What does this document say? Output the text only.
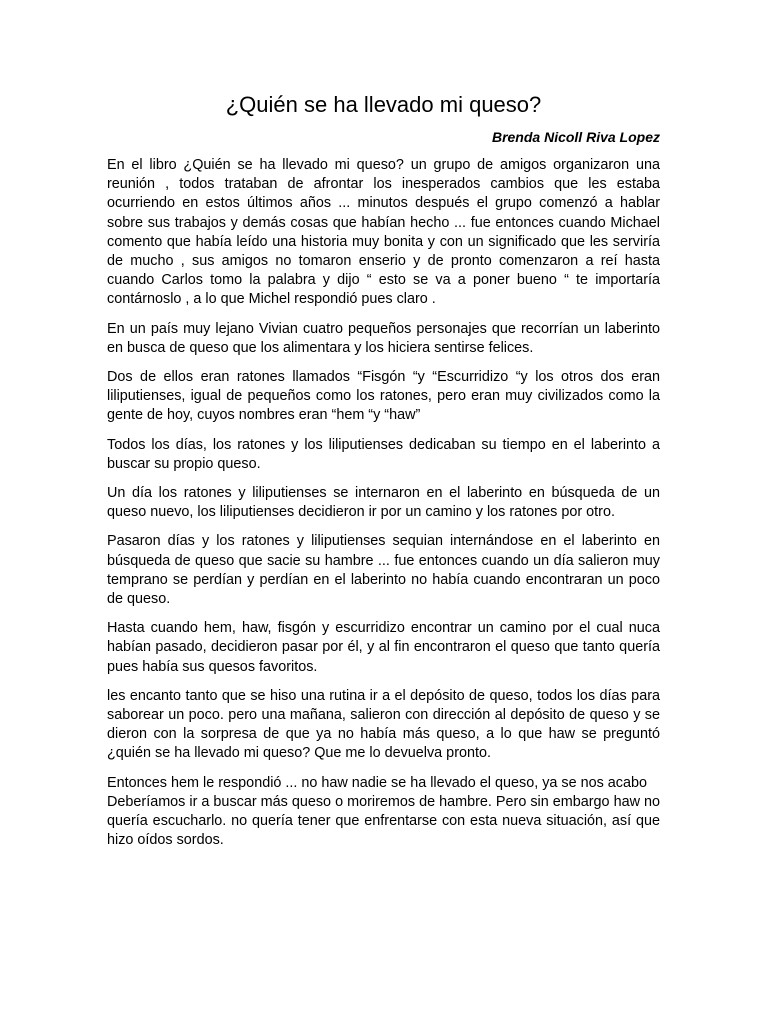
¿Quién se ha llevado mi queso?

Brenda Nicoll Riva Lopez

En el libro ¿Quién se ha llevado mi queso? un grupo de amigos organizaron una reunión , todos trataban de afrontar los inesperados cambios que les estaba ocurriendo en estos últimos años ... minutos después el grupo comenzó a hablar sobre sus trabajos y demás cosas que habían hecho ... fue entonces cuando Michael comento que había leído una historia muy bonita y con un significado que les serviría de mucho , sus amigos no tomaron enserio y de pronto comenzaron a reí hasta cuando Carlos tomo la palabra y dijo “ esto se va a poner bueno “ te importaría contárnoslo , a lo que Michel respondió pues claro .

En un país muy lejano Vivian cuatro pequeños personajes que recorrían un laberinto en busca de queso que los alimentara y los hiciera sentirse felices.

Dos de ellos eran ratones llamados “Fisgón “y “Escurridizo “y los otros dos eran liliputienses, igual de pequeños como los ratones, pero eran muy civilizados como la gente de hoy, cuyos nombres eran “hem “y “haw”

Todos los días, los ratones y los liliputienses dedicaban su tiempo en el laberinto a buscar su propio queso.

Un día los ratones y liliputienses se internaron en el laberinto en búsqueda de un queso nuevo, los liliputienses decidieron ir por un camino y los ratones por otro.

Pasaron días y los ratones y liliputienses sequian internándose en el laberinto en búsqueda de queso que sacie su hambre ... fue entonces cuando un día salieron muy temprano se perdían y perdían en el laberinto no había cuando encontraran un poco de queso.

Hasta cuando hem, haw, fisgón y escurridizo encontrar un camino por el cual nuca habían pasado, decidieron pasar por él, y al fin encontraron el queso que tanto quería pues había sus quesos favoritos.

les encanto tanto que se hiso una rutina ir a el depósito de queso, todos los días para saborear un poco. pero una mañana, salieron con dirección al depósito de queso y se dieron con la sorpresa de que ya no había más queso, a lo que haw se preguntó ¿quién se ha llevado mi queso? Que me lo devuelva pronto.

Entonces hem le respondió ... no haw nadie se ha llevado el queso, ya se nos acabo

Deberíamos ir a buscar más queso o moriremos de hambre. Pero sin embargo haw no quería escucharlo. no quería tener que enfrentarse con esta nueva situación, así que hizo oídos sordos.
